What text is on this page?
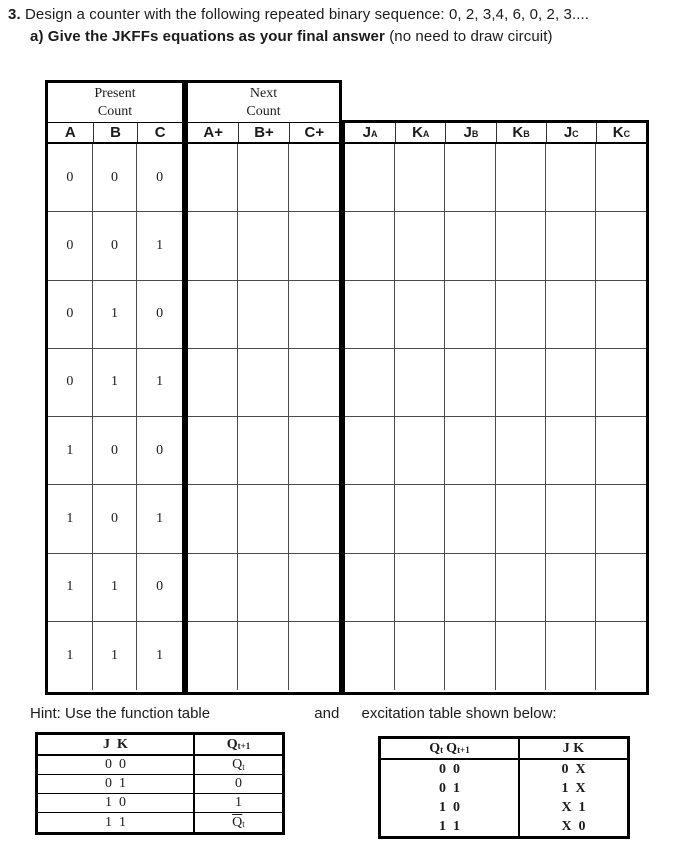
3. Design a counter with the following repeated binary sequence: 0, 2, 3,4, 6, 0, 2, 3....
a) Give the JKFFs equations as your final answer (no need to draw circuit)
Present
Count
A	B	C
0	0	0
0	0	1
0	1	0
0	1	1
1	0	0
1	0	1
1	1	0
1	1	1
Next
Count
A+	B+	C+	$J_A$ $K_A$ $J_B$ $K_B$ $J_C$ $K_C$
Hint: Use the function table	and excitation table shown below:
J  K	$Q_{t+1}$
0  0	$Q_t$
0  1	0
1  0	1
1  1	$\overline{Q}_t$
$Q_t$ $Q_{t+1}$	J K
0  0	0  X
0  1	1  X
1  0	X  1
1  1	X  0
